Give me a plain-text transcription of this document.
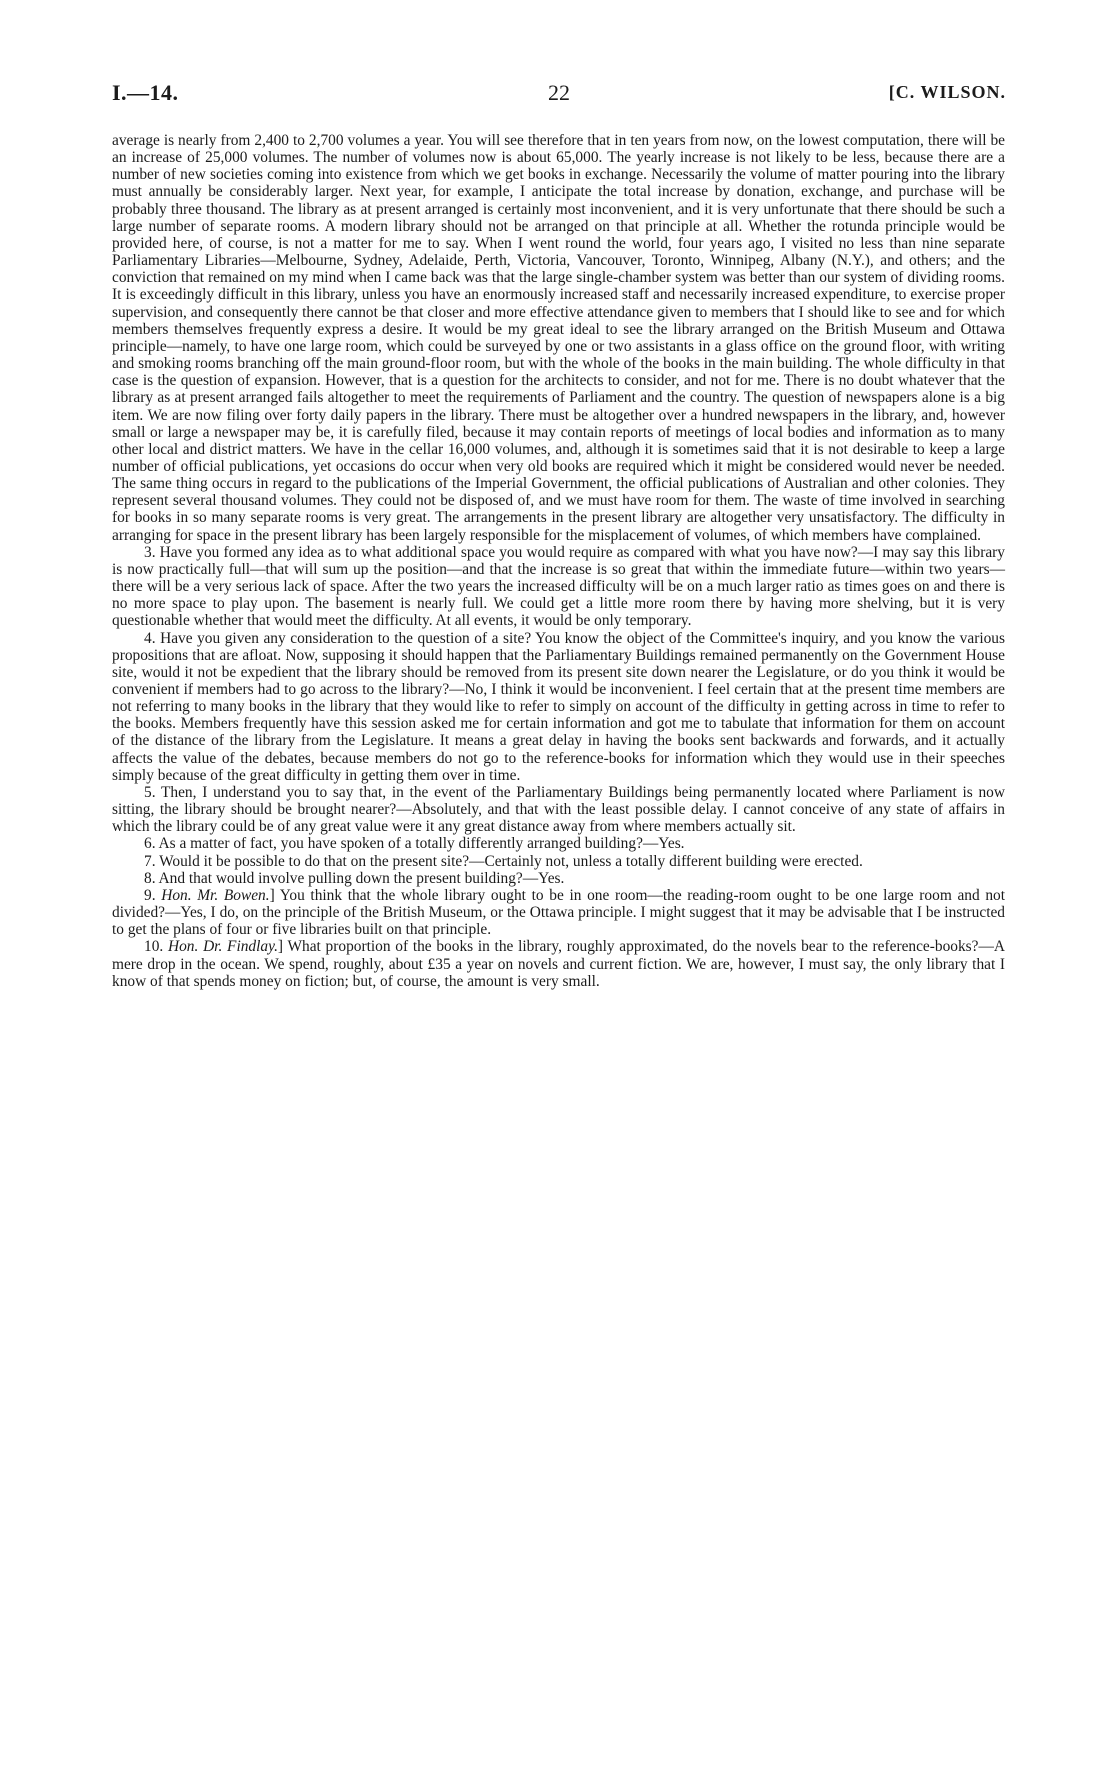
I.—14.	22	[C. WILSON.

average is nearly from 2,400 to 2,700 volumes a year. You will see therefore that in ten years from now, on the lowest computation, there will be an increase of 25,000 volumes. The number of volumes now is about 65,000. The yearly increase is not likely to be less, because there are a number of new societies coming into existence from which we get books in exchange. Necessarily the volume of matter pouring into the library must annually be considerably larger. Next year, for example, I anticipate the total increase by donation, exchange, and purchase will be probably three thousand. The library as at present arranged is certainly most inconvenient, and it is very unfortunate that there should be such a large number of separate rooms. A modern library should not be arranged on that principle at all. Whether the rotunda principle would be provided here, of course, is not a matter for me to say. When I went round the world, four years ago, I visited no less than nine separate Parliamentary Libraries—Melbourne, Sydney, Adelaide, Perth, Victoria, Vancouver, Toronto, Winnipeg, Albany (N.Y.), and others; and the conviction that remained on my mind when I came back was that the large single-chamber system was better than our system of dividing rooms. It is exceedingly difficult in this library, unless you have an enormously increased staff and necessarily increased expenditure, to exercise proper supervision, and consequently there cannot be that closer and more effective attendance given to members that I should like to see and for which members themselves frequently express a desire. It would be my great ideal to see the library arranged on the British Museum and Ottawa principle—namely, to have one large room, which could be surveyed by one or two assistants in a glass office on the ground floor, with writing and smoking rooms branching off the main ground-floor room, but with the whole of the books in the main building. The whole difficulty in that case is the question of expansion. However, that is a question for the architects to consider, and not for me. There is no doubt whatever that the library as at present arranged fails altogether to meet the requirements of Parliament and the country. The question of newspapers alone is a big item. We are now filing over forty daily papers in the library. There must be altogether over a hundred newspapers in the library, and, however small or large a newspaper may be, it is carefully filed, because it may contain reports of meetings of local bodies and information as to many other local and district matters. We have in the cellar 16,000 volumes, and, although it is sometimes said that it is not desirable to keep a large number of official publications, yet occasions do occur when very old books are required which it might be considered would never be needed. The same thing occurs in regard to the publications of the Imperial Government, the official publications of Australian and other colonies. They represent several thousand volumes. They could not be disposed of, and we must have room for them. The waste of time involved in searching for books in so many separate rooms is very great. The arrangements in the present library are altogether very unsatisfactory. The difficulty in arranging for space in the present library has been largely responsible for the misplacement of volumes, of which members have complained.

3. Have you formed any idea as to what additional space you would require as compared with what you have now?—I may say this library is now practically full—that will sum up the position—and that the increase is so great that within the immediate future—within two years—there will be a very serious lack of space. After the two years the increased difficulty will be on a much larger ratio as times goes on and there is no more space to play upon. The basement is nearly full. We could get a little more room there by having more shelving, but it is very questionable whether that would meet the difficulty. At all events, it would be only temporary.

4. Have you given any consideration to the question of a site? You know the object of the Committee's inquiry, and you know the various propositions that are afloat. Now, supposing it should happen that the Parliamentary Buildings remained permanently on the Government House site, would it not be expedient that the library should be removed from its present site down nearer the Legislature, or do you think it would be convenient if members had to go across to the library?—No, I think it would be inconvenient. I feel certain that at the present time members are not referring to many books in the library that they would like to refer to simply on account of the difficulty in getting across in time to refer to the books. Members frequently have this session asked me for certain information and got me to tabulate that information for them on account of the distance of the library from the Legislature. It means a great delay in having the books sent backwards and forwards, and it actually affects the value of the debates, because members do not go to the reference-books for information which they would use in their speeches simply because of the great difficulty in getting them over in time.

5. Then, I understand you to say that, in the event of the Parliamentary Buildings being permanently located where Parliament is now sitting, the library should be brought nearer?—Absolutely, and that with the least possible delay. I cannot conceive of any state of affairs in which the library could be of any great value were it any great distance away from where members actually sit.

6. As a matter of fact, you have spoken of a totally differently arranged building?—Yes.

7. Would it be possible to do that on the present site?—Certainly not, unless a totally different building were erected.

8. And that would involve pulling down the present building?—Yes.

9. Hon. Mr. Bowen.] You think that the whole library ought to be in one room—the reading-room ought to be one large room and not divided?—Yes, I do, on the principle of the British Museum, or the Ottawa principle. I might suggest that it may be advisable that I be instructed to get the plans of four or five libraries built on that principle.

10. Hon. Dr. Findlay.] What proportion of the books in the library, roughly approximated, do the novels bear to the reference-books?—A mere drop in the ocean. We spend, roughly, about £35 a year on novels and current fiction. We are, however, I must say, the only library that I know of that spends money on fiction; but, of course, the amount is very small.
